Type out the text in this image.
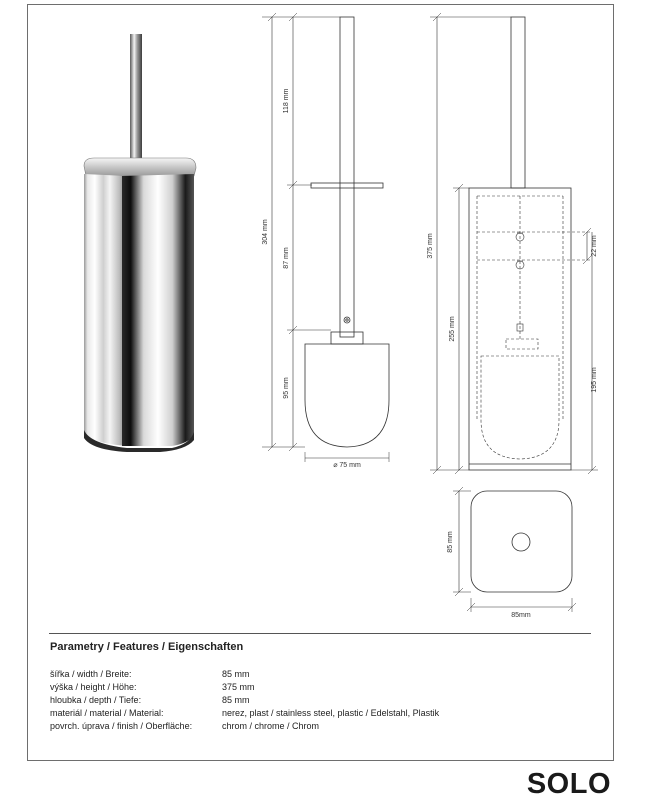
118 mm
87 mm
95 mm
304 mm
⌀ 75 mm
375 mm
255 mm
22 mm
195 mm
85 mm
85mm
Parametry / Features / Eigenschaften
šířka / width / Breite:	85 mm
výška / height / Höhe:	375 mm
hloubka / depth / Tiefe:	85 mm
materiál / material / Material:	nerez, plast / stainless steel, plastic / Edelstahl, Plastik
povrch. úprava / finish / Oberfläche:	chrom / chrome / Chrom
SOLO
